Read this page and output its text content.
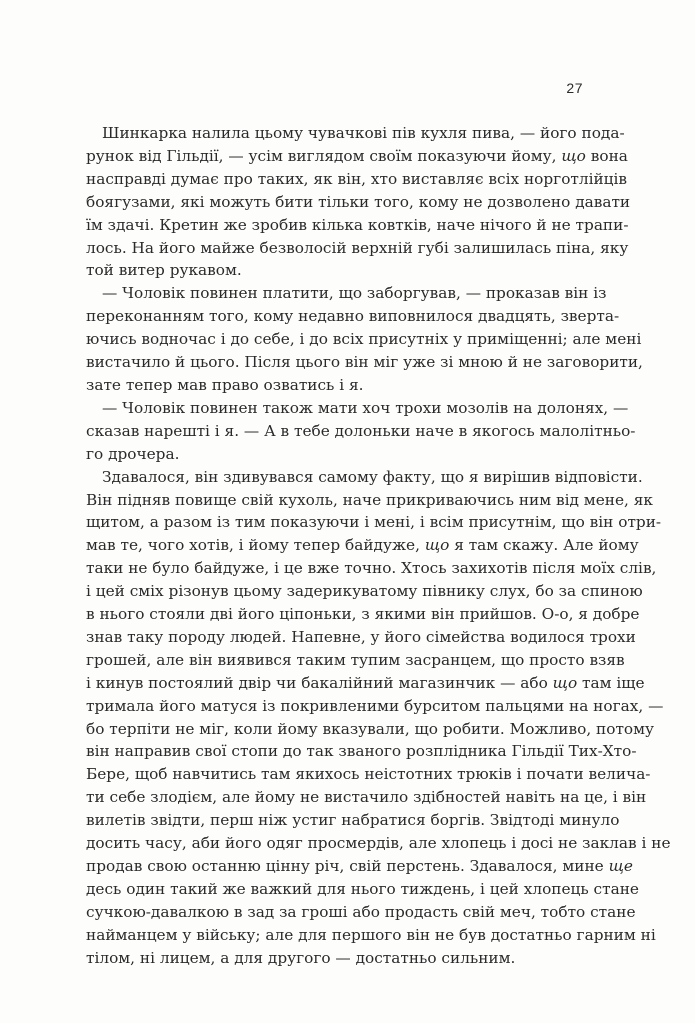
27
Шинкарка налила цьому чувачкові пів кухля пива, — його пода-
рунок від Гільдії, — усім виглядом своїм показуючи йому, що вона
насправді думає про таких, як він, хто виставляє всіх норготлійців
боягузами, які можуть бити тільки того, кому не дозволено давати
їм здачі. Кретин же зробив кілька ковтків, наче нічого й не трапи-
лось. На його майже безволосій верхній губі залишилась піна, яку
той витер рукавом.
— Чоловік повинен платити, що заборгував, — проказав він із
переконанням того, кому недавно виповнилося двадцять, зверта-
ючись водночас і до себе, і до всіх присутніх у приміщенні; але мені
вистачило й цього. Після цього він міг уже зі мною й не заговорити,
зате тепер мав право озватись і я.
— Чоловік повинен також мати хоч трохи мозолів на долонях, —
сказав нарешті і я. — А в тебе долоньки наче в якогось малолітньо-
го дрочера.
Здавалося, він здивувався самому факту, що я вирішив відповісти.
Він підняв повище свій кухоль, наче прикриваючись ним від мене, як
щитом, а разом із тим показуючи і мені, і всім присутнім, що він отри-
мав те, чого хотів, і йому тепер байдуже, що я там скажу. Але йому
таки не було байдуже, і це вже точно. Хтось захихотів після моїх слів,
і цей сміх різонув цьому задерикуватому півнику слух, бо за спиною
в нього стояли дві його ціпоньки, з якими він прийшов. О-о, я добре
знав таку породу людей. Напевне, у його сімейства водилося трохи
грошей, але він виявився таким тупим засранцем, що просто взяв
і кинув постоялий двір чи бакалійний магазинчик — або що там іще
тримала його матуся із покривленими бурситом пальцями на ногах, —
бо терпіти не міг, коли йому вказували, що робити. Можливо, потому
він направив свої стопи до так званого розплідника Гільдії Тих-Хто-
Бере, щоб навчитись там якихось неістотних трюків і почати велича-
ти себе злодієм, але йому не вистачило здібностей навіть на це, і він
вилетів звідти, перш ніж устиг набратися боргів. Звідтоді минуло
досить часу, аби його одяг просмердів, але хлопець і досі не заклав і не
продав свою останню цінну річ, свій перстень. Здавалося, мине ще
десь один такий же важкий для нього тиждень, і цей хлопець стане
сучкою-давалкою в зад за гроші або продасть свій меч, тобто стане
найманцем у війську; але для першого він не був достатньо гарним ні
тілом, ні лицем, а для другого — достатньо сильним.
